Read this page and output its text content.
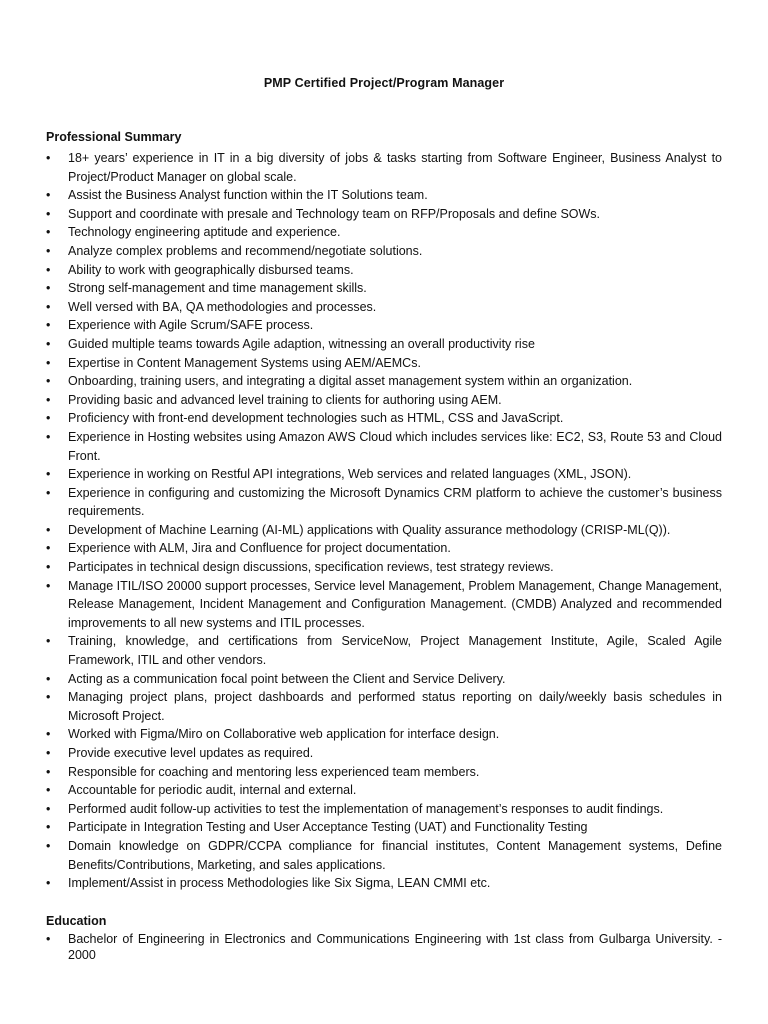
PMP Certified Project/Program Manager
Professional Summary
• 18+ years’ experience in IT in a big diversity of jobs & tasks starting from Software Engineer, Business Analyst to Project/Product Manager on global scale.
• Assist the Business Analyst function within the IT Solutions team.
• Support and coordinate with presale and Technology team on RFP/Proposals and define SOWs.
• Technology engineering aptitude and experience.
• Analyze complex problems and recommend/negotiate solutions.
• Ability to work with geographically disbursed teams.
• Strong self-management and time management skills.
• Well versed with BA, QA methodologies and processes.
• Experience with Agile Scrum/SAFE process.
• Guided multiple teams towards Agile adaption, witnessing an overall productivity rise
• Expertise in Content Management Systems using AEM/AEMCs.
• Onboarding, training users, and integrating a digital asset management system within an organization.
• Providing basic and advanced level training to clients for authoring using AEM.
• Proficiency with front-end development technologies such as HTML, CSS and JavaScript.
• Experience in Hosting websites using Amazon AWS Cloud which includes services like: EC2, S3, Route 53 and Cloud Front.
• Experience in working on Restful API integrations, Web services and related languages (XML, JSON).
• Experience in configuring and customizing the Microsoft Dynamics CRM platform to achieve the customer’s business requirements.
• Development of Machine Learning (AI-ML) applications with Quality assurance methodology (CRISP-ML(Q)).
• Experience with ALM, Jira and Confluence for project documentation.
• Participates in technical design discussions, specification reviews, test strategy reviews.
• Manage ITIL/ISO 20000 support processes, Service level Management, Problem Management, Change Management, Release Management, Incident Management and Configuration Management. (CMDB) Analyzed and recommended improvements to all new systems and ITIL processes.
• Training, knowledge, and certifications from ServiceNow, Project Management Institute, Agile, Scaled Agile Framework, ITIL and other vendors.
• Acting as a communication focal point between the Client and Service Delivery.
• Managing project plans, project dashboards and performed status reporting on daily/weekly basis schedules in Microsoft Project.
• Worked with Figma/Miro on Collaborative web application for interface design.
• Provide executive level updates as required.
• Responsible for coaching and mentoring less experienced team members.
• Accountable for periodic audit, internal and external.
• Performed audit follow-up activities to test the implementation of management’s responses to audit findings.
• Participate in Integration Testing and User Acceptance Testing (UAT) and Functionality Testing
• Domain knowledge on GDPR/CCPA compliance for financial institutes, Content Management systems, Define Benefits/Contributions, Marketing, and sales applications.
• Implement/Assist in process Methodologies like Six Sigma, LEAN CMMI etc.
Education
• Bachelor of Engineering in Electronics and Communications Engineering with 1st class from Gulbarga University. - 2000
